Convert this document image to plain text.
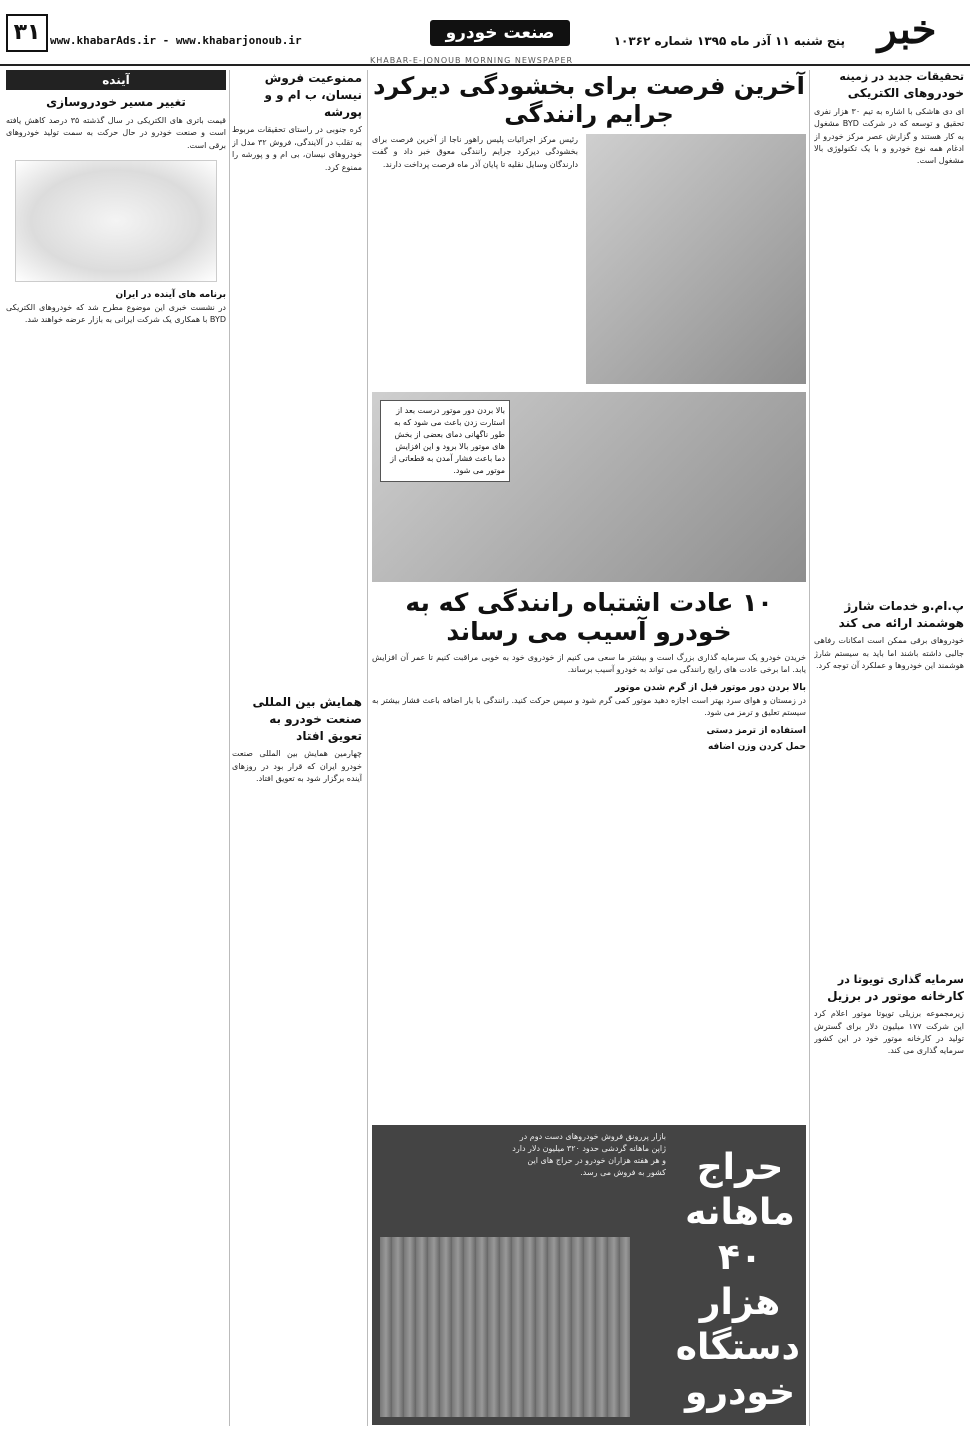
خبر
پنج شنبه ۱۱ آذر ماه ۱۳۹۵ شماره ۱۰۳۶۲
صنعت خودرو
www.khabarAds.ir - www.khabarjonoub.ir
۳۱
KHABAR-E-JONOUB MORNING NEWSPAPER
تحقیقات جدید در زمینه
خودروهای الکتریکی

ای دی هاشکی با اشاره به تیم ۳۰ هزار نفری تحقیق و توسعه که در شرکت BYD مشغول به کار هستند و گزارش عصر مرکز خودرو از ادغام همه نوع خودرو و با یک تکنولوژی بالا مشغول است.

پ.ام.و خدمات شارژ هوشمند ارائه می کند

خودروهای برقی ممکن است امکانات رفاهی جالبی داشته باشند اما باید به سیستم شارژ هوشمند این خودروها و عملکرد آن توجه کرد.

سرمایه گذاری تویوتا در
کارخانه موتور در برزیل

زیرمجموعه برزیلی تویوتا موتور اعلام کرد این شرکت ۱۷۷ میلیون دلار برای گسترش تولید در کارخانه موتور خود در این کشور سرمایه گذاری می کند.

آخرین فرصت برای بخشودگی دیرکرد جرایم رانندگی

رئیس مرکز اجرائیات پلیس راهور ناجا از آخرین فرصت برای بخشودگی دیرکرد جرایم رانندگی معوق خبر داد و گفت دارندگان وسایل نقلیه تا پایان آذر ماه فرصت پرداخت دارند.

بالا بردن دور موتور درست بعد از استارت زدن باعث می شود که به طور ناگهانی دمای بعضی از بخش های موتور بالا برود و این افزایش دما باعث فشار آمدن به قطعاتی از موتور می شود.
۱۰ عادت اشتباه رانندگی که به خودرو آسیب می رساند

خریدن خودرو یک سرمایه گذاری بزرگ است و بیشتر ما سعی می کنیم از خودروی خود به خوبی مراقبت کنیم تا عمر آن افزایش یابد. اما برخی عادت های رایج رانندگی می تواند به خودرو آسیب برساند.

بالا بردن دور موتور قبل از گرم شدن موتور

در زمستان و هوای سرد بهتر است اجازه دهید موتور کمی گرم شود و سپس حرکت کنید. رانندگی با بار اضافه باعث فشار بیشتر به سیستم تعلیق و ترمز می شود.

استفاده از ترمز دستی
حمل کردن وزن اضافه
حراج ماهانه ۴۰ هزار دستگاه خودرو
بازار پررونق فروش خودروهای دست دوم در ژاپن ماهانه گردشی حدود ۳۲۰ میلیون دلار دارد و هر هفته هزاران خودرو در حراج های این کشور به فروش می رسد.
ممنوعیت فروش نیسان، ب ام و و پورشه

کره جنوبی در راستای تحقیقات مربوط به تقلب در آلایندگی، فروش ۳۲ مدل از خودروهای نیسان، بی ام و و پورشه را ممنوع کرد.

همایش بین المللی صنعت خودرو به تعویق افتاد

چهارمین همایش بین المللی صنعت خودرو ایران که قرار بود در روزهای آینده برگزار شود به تعویق افتاد.

آینده
تغییر مسیر خودروسازی

قیمت باتری های الکتریکی در سال گذشته ۳۵ درصد کاهش یافته است و صنعت خودرو در حال حرکت به سمت تولید خودروهای برقی است.

برنامه های آینده در ایران

در نشست خبری این موضوع مطرح شد که خودروهای الکتریکی BYD با همکاری یک شرکت ایرانی به بازار عرضه خواهند شد.
